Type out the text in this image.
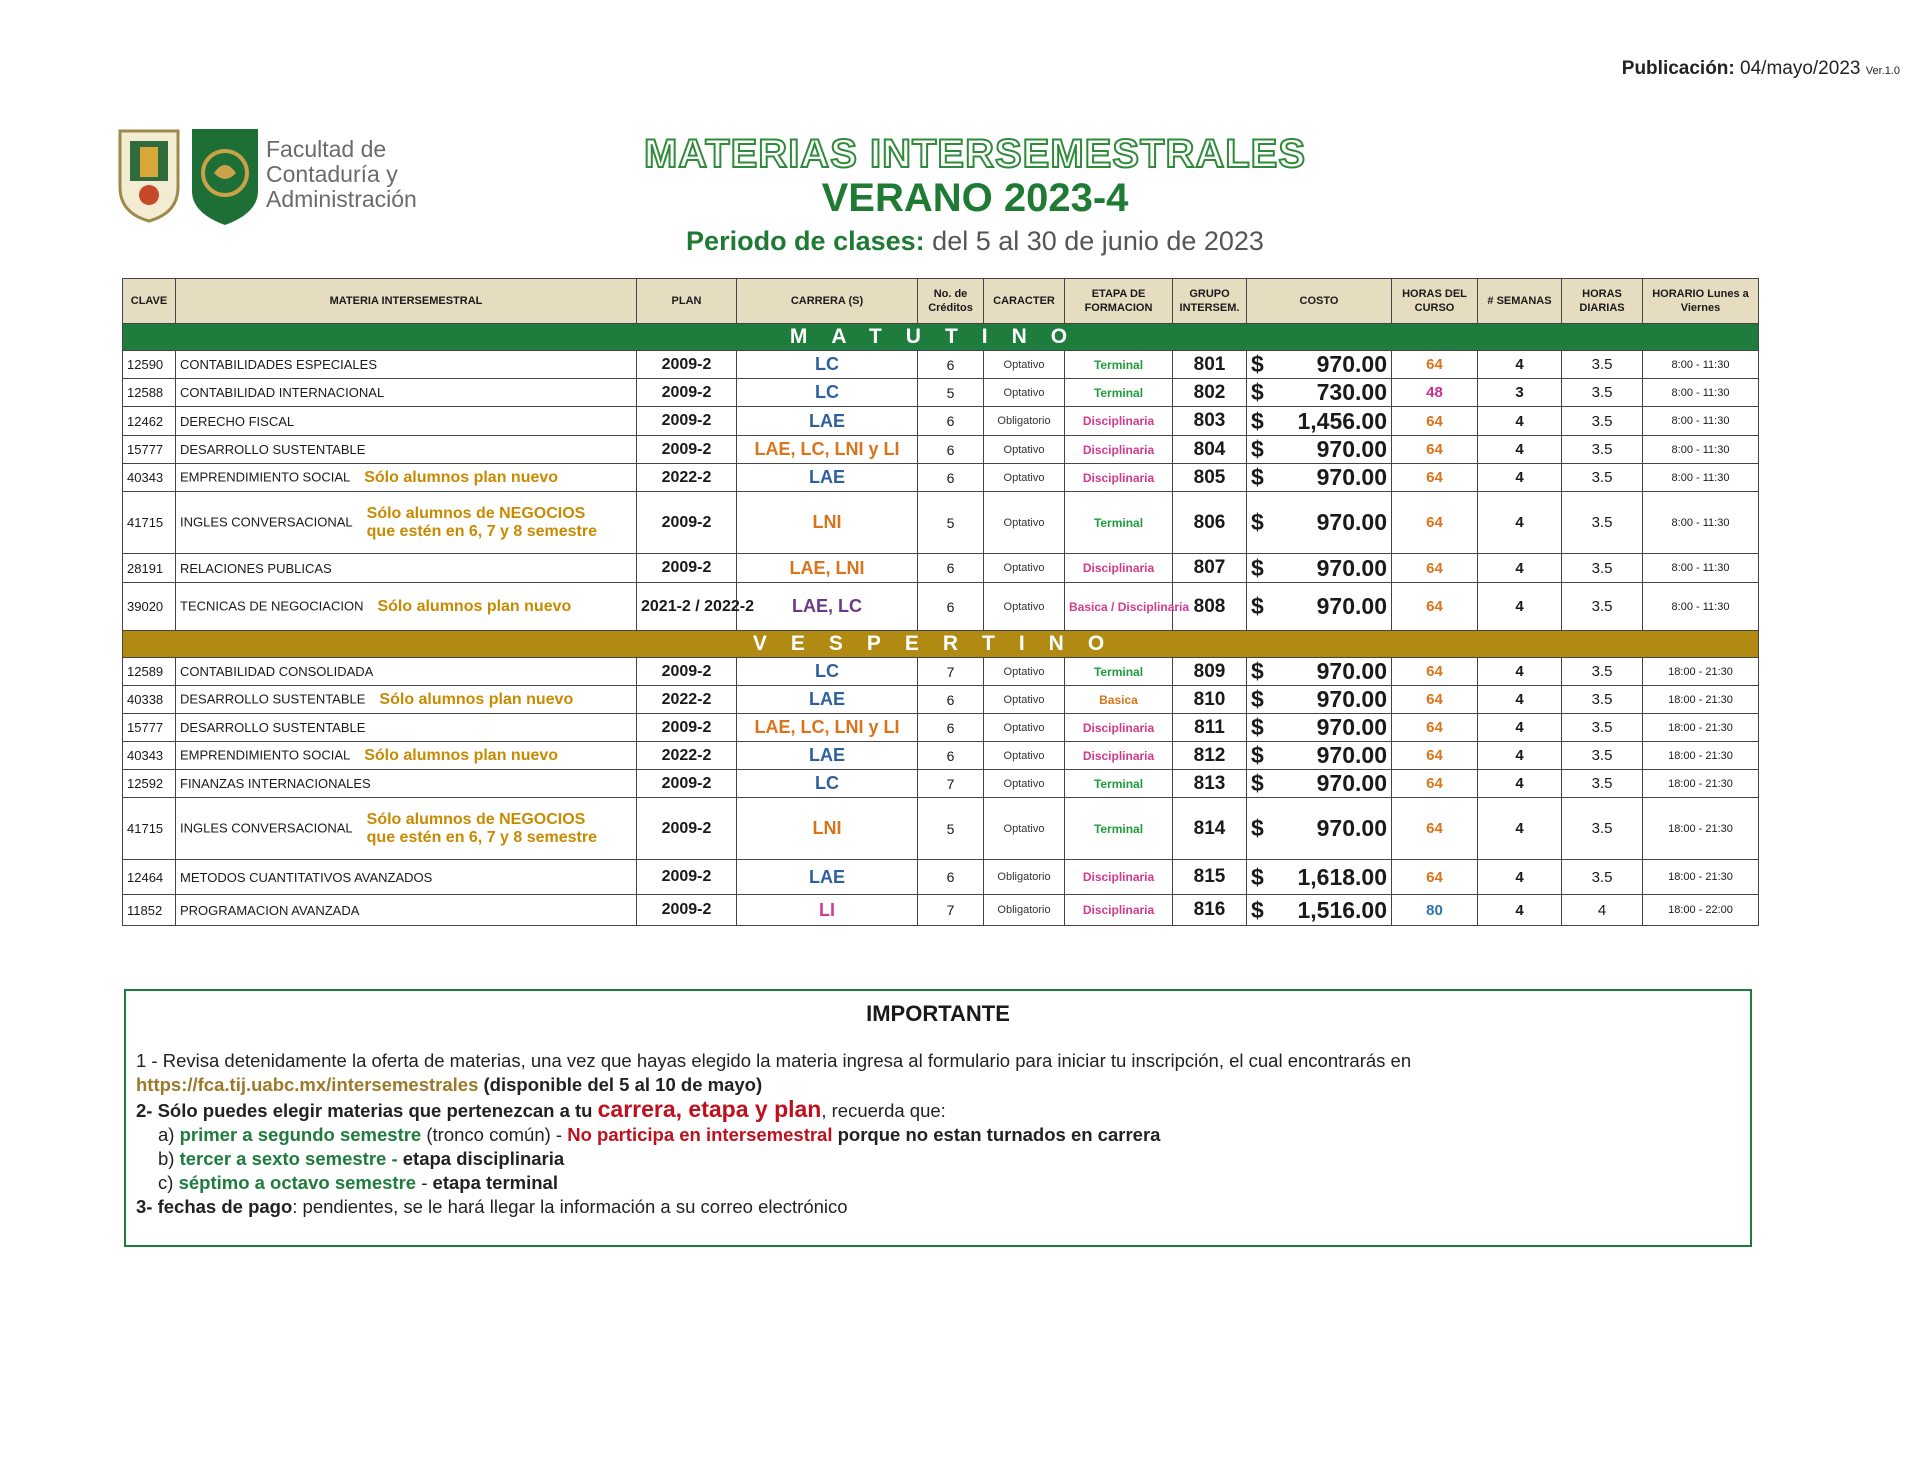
Publicación: 04/mayo/2023 Ver.1.0
Facultad de
Contaduría y
Administración
MATERIAS INTERSEMESTRALES
VERANO 2023-4
Periodo de clases: del 5 al 30 de junio de 2023
CLAVE	MATERIA INTERSEMESTRAL	PLAN	CARRERA (S)	No. de Créditos	CARACTER	ETAPA DE FORMACION	GRUPO INTERSEM.	COSTO	HORAS DEL CURSO	# SEMANAS	HORAS DIARIAS	HORARIO Lunes a Viernes
MATUTINO												
12590	CONTABILIDADES ESPECIALES	2009-2	LC	6	Optativo	Terminal	801	$ 970.00	64	4	3.5	8:00 - 11:30
12588	CONTABILIDAD INTERNACIONAL	2009-2	LC	5	Optativo	Terminal	802	$ 730.00	48	3	3.5	8:00 - 11:30
12462	DERECHO FISCAL	2009-2	LAE	6	Obligatorio	Disciplinaria	803	$ 1,456.00	64	4	3.5	8:00 - 11:30
15777	DESARROLLO SUSTENTABLE	2009-2	LAE, LC, LNI y LI	6	Optativo	Disciplinaria	804	$ 970.00	64	4	3.5	8:00 - 11:30
40343	EMPRENDIMIENTO SOCIAL Sólo alumnos plan nuevo	2022-2	LAE	6	Optativo	Disciplinaria	805	$ 970.00	64	4	3.5	8:00 - 11:30
41715	INGLES CONVERSACIONAL Sólo alumnos de NEGOCIOS que estén en 6, 7 y 8 semestre	2009-2	LNI	5	Optativo	Terminal	806	$ 970.00	64	4	3.5	8:00 - 11:30
28191	RELACIONES PUBLICAS	2009-2	LAE, LNI	6	Optativo	Disciplinaria	807	$ 970.00	64	4	3.5	8:00 - 11:30
39020	TECNICAS DE NEGOCIACION Sólo alumnos plan nuevo	2021-2 / 2022-2	LAE, LC	6	Optativo	Basica / Disciplinaria	808	$ 970.00	64	4	3.5	8:00 - 11:30
VESPERTINO												
12589	CONTABILIDAD CONSOLIDADA	2009-2	LC	7	Optativo	Terminal	809	$ 970.00	64	4	3.5	18:00 - 21:30
40338	DESARROLLO SUSTENTABLE Sólo alumnos plan nuevo	2022-2	LAE	6	Optativo	Basica	810	$ 970.00	64	4	3.5	18:00 - 21:30
15777	DESARROLLO SUSTENTABLE	2009-2	LAE, LC, LNI y LI	6	Optativo	Disciplinaria	811	$ 970.00	64	4	3.5	18:00 - 21:30
40343	EMPRENDIMIENTO SOCIAL Sólo alumnos plan nuevo	2022-2	LAE	6	Optativo	Disciplinaria	812	$ 970.00	64	4	3.5	18:00 - 21:30
12592	FINANZAS INTERNACIONALES	2009-2	LC	7	Optativo	Terminal	813	$ 970.00	64	4	3.5	18:00 - 21:30
41715	INGLES CONVERSACIONAL Sólo alumnos de NEGOCIOS que estén en 6, 7 y 8 semestre	2009-2	LNI	5	Optativo	Terminal	814	$ 970.00	64	4	3.5	18:00 - 21:30
12464	METODOS CUANTITATIVOS AVANZADOS	2009-2	LAE	6	Obligatorio	Disciplinaria	815	$ 1,618.00	64	4	3.5	18:00 - 21:30
11852	PROGRAMACION AVANZADA	2009-2	LI	7	Obligatorio	Disciplinaria	816	$ 1,516.00	80	4	4	18:00 - 22:00
IMPORTANTE
1 - Revisa detenidamente la oferta de materias, una vez que hayas elegido la materia ingresa al formulario para iniciar tu inscripción, el cual encontrarás en
https://fca.tij.uabc.mx/intersemestrales (disponible del 5 al 10 de mayo)
2- Sólo puedes elegir materias que pertenezcan a tu carrera, etapa y plan, recuerda que:
a) primer a segundo semestre (tronco común) - No participa en intersemestral porque no estan turnados en carrera
b) tercer a sexto semestre - etapa disciplinaria
c) séptimo a octavo semestre - etapa terminal
3- fechas de pago: pendientes, se le hará llegar la información a su correo electrónico
